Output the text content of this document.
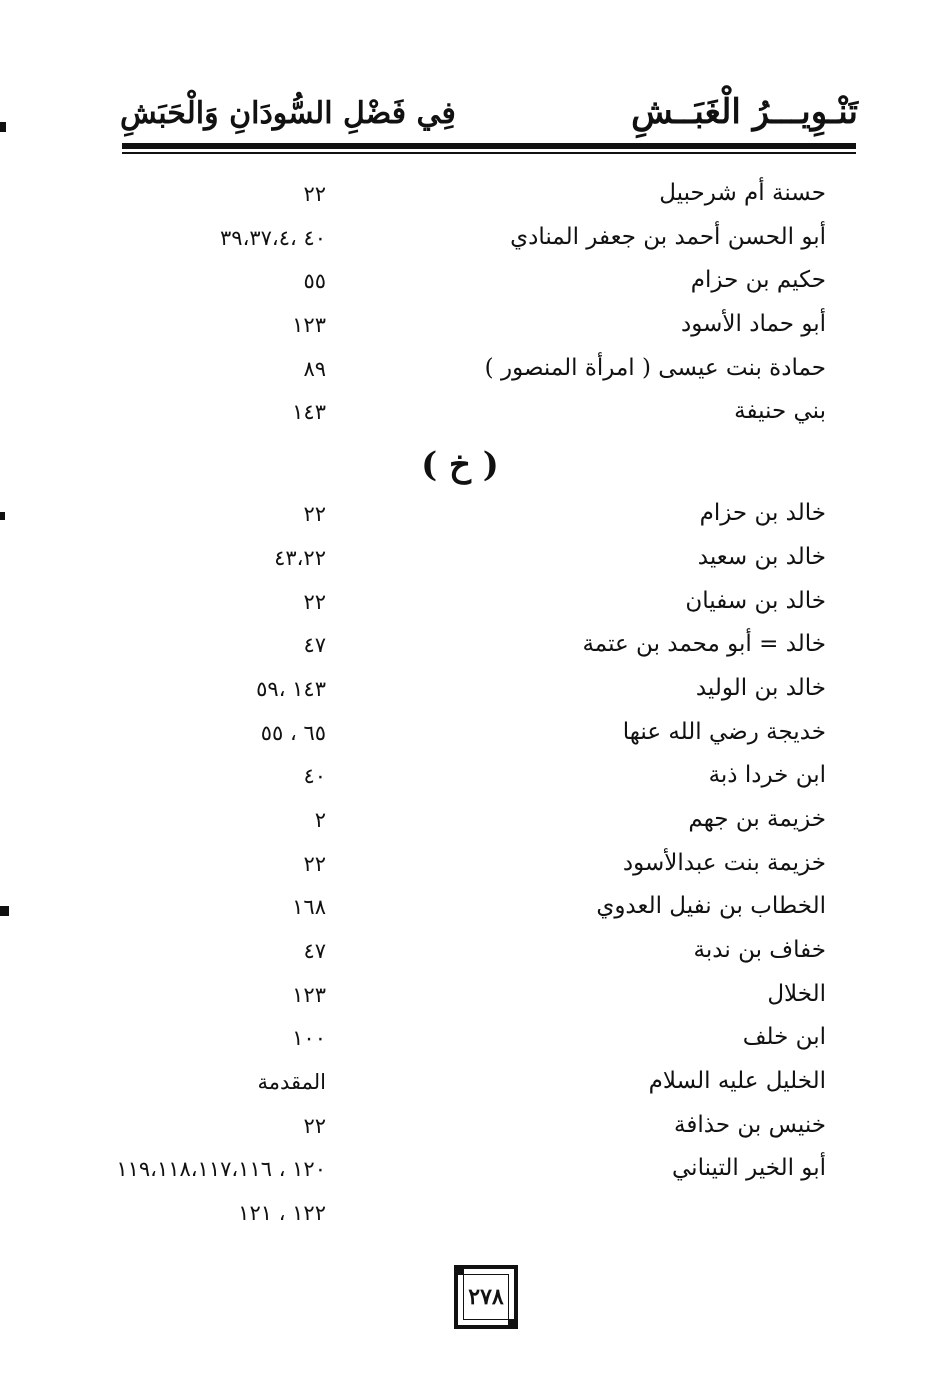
تَنْـوِيـــرُ الْغَبَــشِ
فِي فَضْلِ السُّودَانِ وَالْحَبَشِ
حسنة أم شرحبيل
٢٢
أبو الحسن أحمد بن جعفر المنادي
٤٠ ،٣٩،٣٧،٤
حكيم بن حزام
٥٥
أبو حماد الأسود
١٢٣
حمادة بنت عيسى ( امرأة المنصور )
٨٩
بني حنيفة
١٤٣
( خ )
خالد بن حزام
٢٢
خالد بن سعيد
٤٣،٢٢
خالد بن سفيان
٢٢
خالد = أبو محمد بن عتمة
٤٧
خالد بن الوليد
١٤٣ ،٥٩
خديجة رضي الله عنها
٦٥ ، ٥٥
ابن خردا ذبة
٤٠
خزيمة بن جهم
٢
خزيمة بنت عبدالأسود
٢٢
الخطاب بن نفيل العدوي
١٦٨
خفاف بن ندبة
٤٧
الخلال
١٢٣
ابن خلف
١٠٠
الخليل عليه السلام
المقدمة
خنيس بن حذافة
٢٢
أبو الخير التيناني
١٢٠ ، ١١٩،١١٨،١١٧،١١٦
١٢٢ ، ١٢١
٢٧٨
